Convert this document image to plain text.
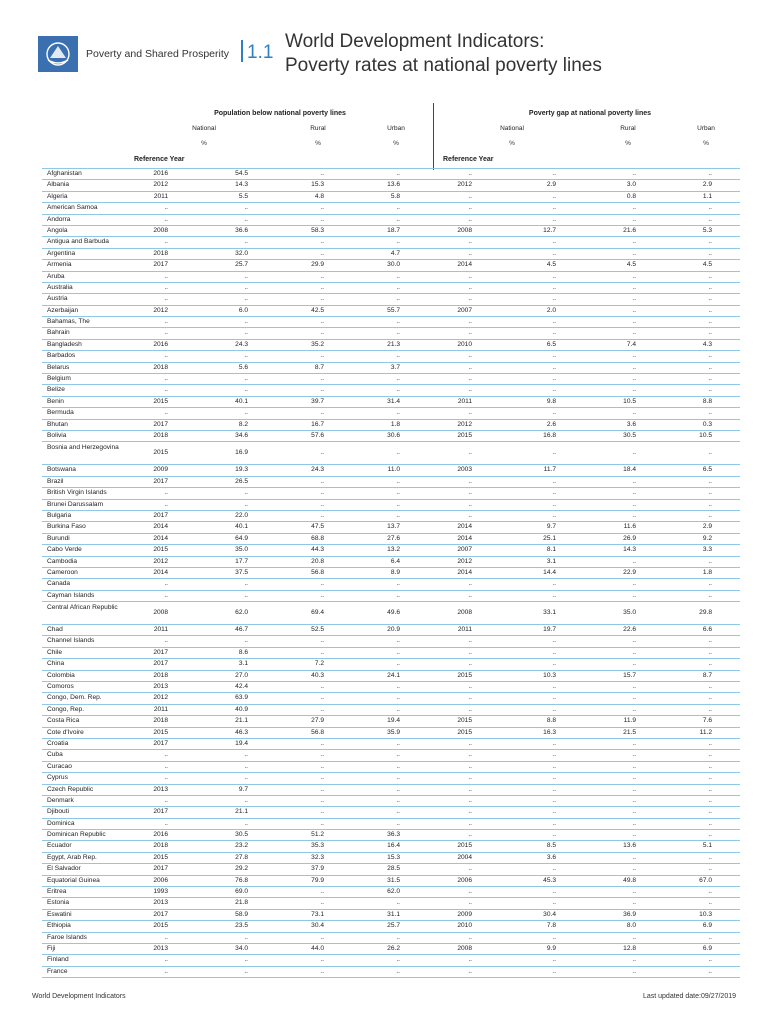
Poverty and Shared Prosperity 1.1
World Development Indicators:
Poverty rates at national poverty lines
Population below national poverty lines	Poverty gap at national poverty lines
National	Rural	Urban	National	Rural	Urban
%	%	%	%	%	%
Reference Year	Reference Year
Afghanistan	2016	54.5	..	..	..	..	..	..
Albania	2012	14.3	15.3	13.6	2012	2.9	3.0	2.9
Algeria	2011	5.5	4.8	5.8	..	..	0.8	1.1
American Samoa	..	..	..	..	..	..	..	..
Andorra	..	..	..	..	..	..	..	..
Angola	2008	36.6	58.3	18.7	2008	12.7	21.6	5.3
Antigua and Barbuda	..	..	..	..	..	..	..	..
Argentina	2018	32.0	..	4.7	..	..	..	..
Armenia	2017	25.7	29.9	30.0	2014	4.5	4.5	4.5
Aruba	..	..	..	..	..	..	..	..
Australia	..	..	..	..	..	..	..	..
Austria	..	..	..	..	..	..	..	..
Azerbaijan	2012	6.0	42.5	55.7	2007	2.0	..	..
Bahamas, The	..	..	..	..	..	..	..	..
Bahrain	..	..	..	..	..	..	..	..
Bangladesh	2016	24.3	35.2	21.3	2010	6.5	7.4	4.3
Barbados	..	..	..	..	..	..	..	..
Belarus	2018	5.6	8.7	3.7	..	..	..	..
Belgium	..	..	..	..	..	..	..	..
Belize	..	..	..	..	..	..	..	..
Benin	2015	40.1	39.7	31.4	2011	9.8	10.5	8.8
Bermuda	..	..	..	..	..	..	..	..
Bhutan	2017	8.2	16.7	1.8	2012	2.6	3.6	0.3
Bolivia	2018	34.6	57.6	30.6	2015	16.8	30.5	10.5
Bosnia and Herzegovina
2015	16.9	..	..	..	..	..	..
Botswana	2009	19.3	24.3	11.0	2003	11.7	18.4	6.5
Brazil	2017	26.5	..	..	..	..	..	..
British Virgin Islands	..	..	..	..	..	..	..	..
Brunei Darussalam	..	..	..	..	..	..	..	..
Bulgaria	2017	22.0	..	..	..	..	..	..
Burkina Faso	2014	40.1	47.5	13.7	2014	9.7	11.6	2.9
Burundi	2014	64.9	68.8	27.6	2014	25.1	26.9	9.2
Cabo Verde	2015	35.0	44.3	13.2	2007	8.1	14.3	3.3
Cambodia	2012	17.7	20.8	6.4	2012	3.1	..	..
Cameroon	2014	37.5	56.8	8.9	2014	14.4	22.9	1.8
Canada	..	..	..	..	..	..	..	..
Cayman Islands	..	..	..	..	..	..	..	..
Central African Republic
2008	62.0	69.4	49.6	2008	33.1	35.0	29.8
Chad	2011	46.7	52.5	20.9	2011	19.7	22.6	6.6
Channel Islands	..	..	..	..	..	..	..	..
Chile	2017	8.6	..	..	..	..	..	..
China	2017	3.1	7.2	..	..	..	..	..
Colombia	2018	27.0	40.3	24.1	2015	10.3	15.7	8.7
Comoros	2013	42.4	..	..	..	..	..	..
Congo, Dem. Rep.	2012	63.9	..	..	..	..	..	..
Congo, Rep.	2011	40.9	..	..	..	..	..	..
Costa Rica	2018	21.1	27.9	19.4	2015	8.8	11.9	7.6
Cote d'Ivoire	2015	46.3	56.8	35.9	2015	16.3	21.5	11.2
Croatia	2017	19.4	..	..	..	..	..	..
Cuba	..	..	..	..	..	..	..	..
Curacao	..	..	..	..	..	..	..	..
Cyprus	..	..	..	..	..	..	..	..
Czech Republic	2013	9.7	..	..	..	..	..	..
Denmark	..	..	..	..	..	..	..	..
Djibouti	2017	21.1	..	..	..	..	..	..
Dominica	..	..	..	..	..	..	..	..
Dominican Republic	2016	30.5	51.2	36.3	..	..	..	..
Ecuador	2018	23.2	35.3	16.4	2015	8.5	13.6	5.1
Egypt, Arab Rep.	2015	27.8	32.3	15.3	2004	3.6	..	..
El Salvador	2017	29.2	37.9	28.5	..	..	..	..
Equatorial Guinea	2006	76.8	79.9	31.5	2006	45.3	49.8	67.0
Eritrea	1993	69.0	..	62.0	..	..	..	..
Estonia	2013	21.8	..	..	..	..	..	..
Eswatini	2017	58.9	73.1	31.1	2009	30.4	36.9	10.3
Ethiopia	2015	23.5	30.4	25.7	2010	7.8	8.0	6.9
Faroe Islands	..	..	..	..	..	..	..	..
Fiji	2013	34.0	44.0	26.2	2008	9.9	12.8	6.9
Finland	..	..	..	..	..	..	..	..
France	..	..	..	..	..	..	..	..
World Development Indicators	Last updated date:09/27/2019
